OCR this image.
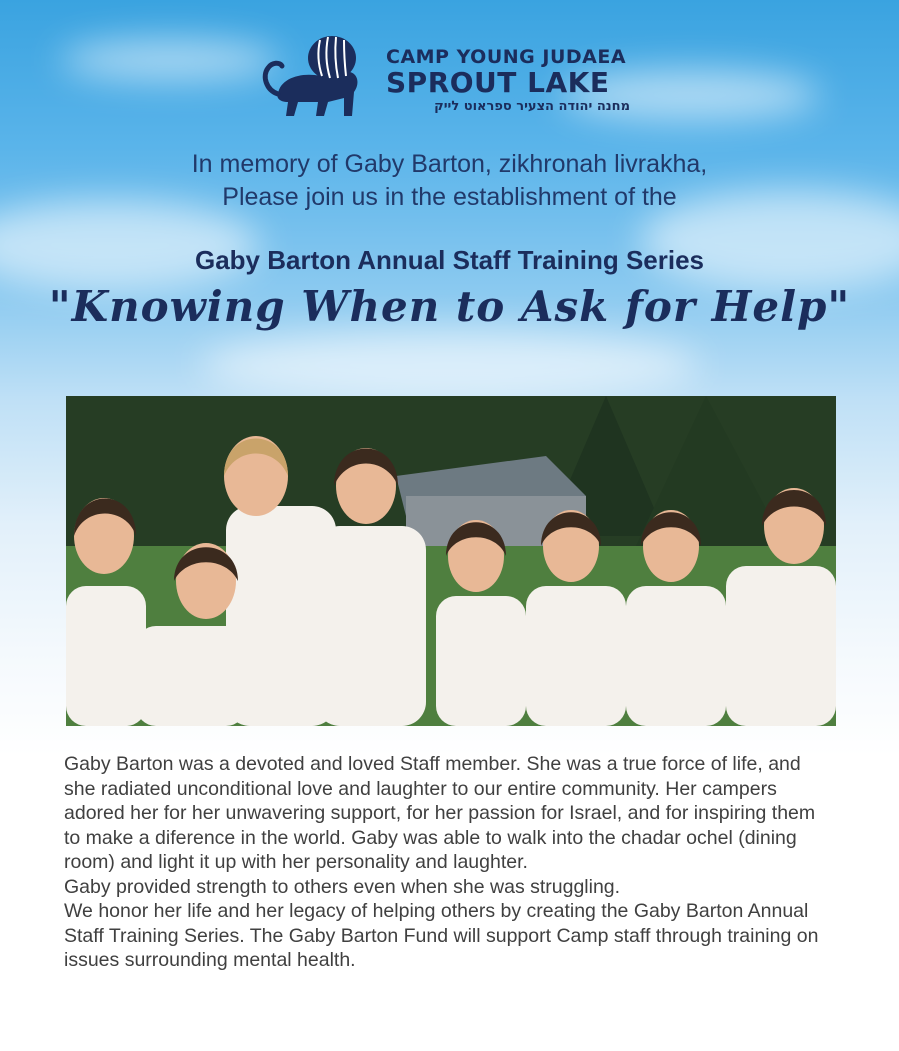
CAMP YOUNG JUDAEA
SPROUT LAKE
מחנה יהודה הצעיר ספראוט לייק
In memory of Gaby Barton, zikhronah livrakha,
Please join us in the establishment of the
Gaby Barton Annual Staff Training Series
"Knowing When to Ask for Help"

Gaby Barton was a devoted and loved Staff member. She was a true force of life, and she radiated unconditional love and laughter to our entire community. Her campers adored her for her unwavering support, for her passion for Israel, and for inspiring them to make a diference in the world. Gaby was able to walk into the chadar ochel (dining room) and light it up with her personality and laughter.

Gaby provided strength to others even when she was struggling.

We honor her life and her legacy of helping others by creating the Gaby Barton Annual Staff Training Series. The Gaby Barton Fund will support Camp staff through training on issues surrounding mental health.
